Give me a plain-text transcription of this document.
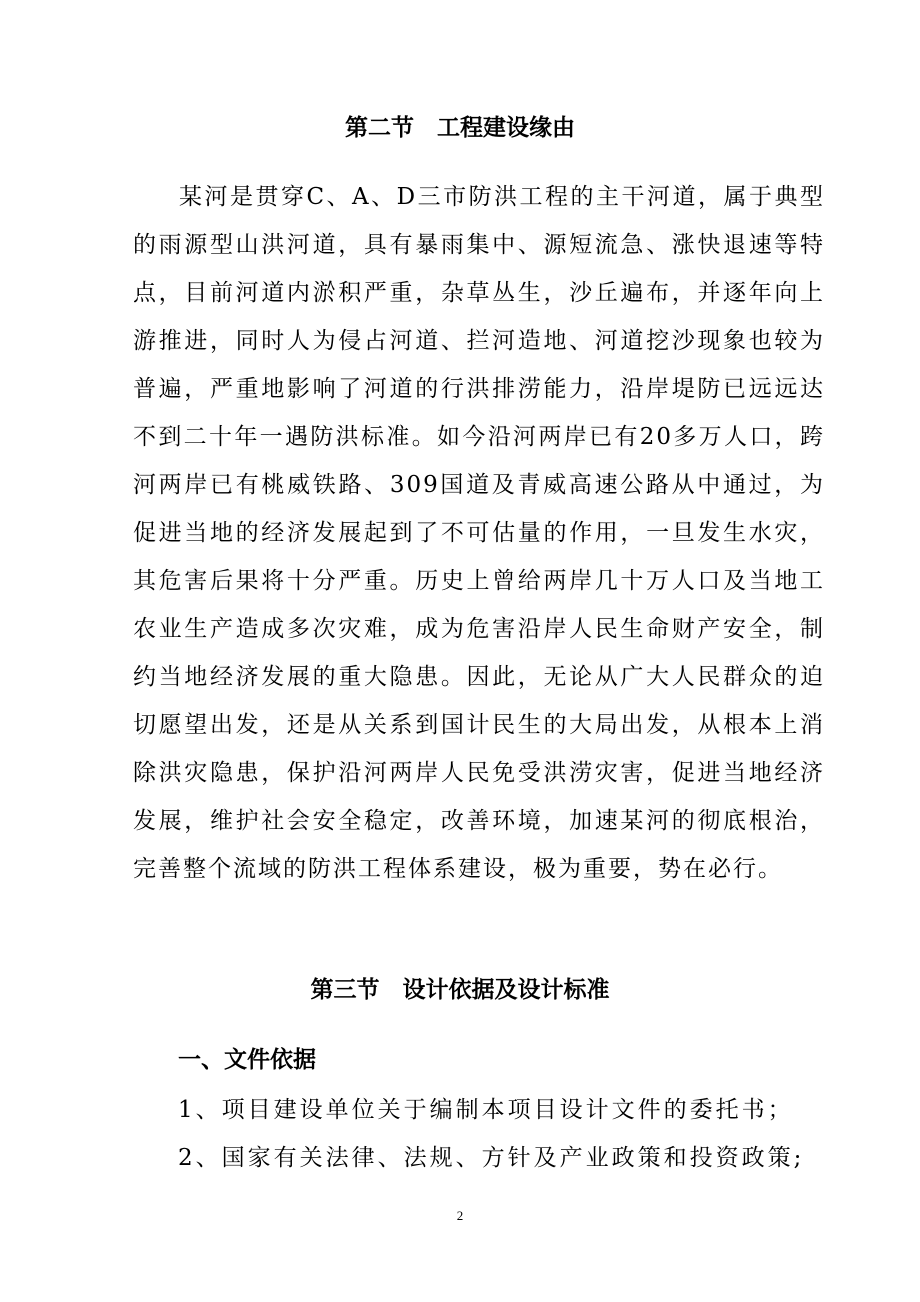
第二节　工程建设缘由

某河是贯穿C、A、D三市防洪工程的主干河道，属于典型的雨源型山洪河道，具有暴雨集中、源短流急、涨快退速等特点，目前河道内淤积严重，杂草丛生，沙丘遍布，并逐年向上游推进，同时人为侵占河道、拦河造地、河道挖沙现象也较为普遍，严重地影响了河道的行洪排涝能力，沿岸堤防已远远达不到二十年一遇防洪标准。如今沿河两岸已有20多万人口，跨河两岸已有桃威铁路、309国道及青威高速公路从中通过，为促进当地的经济发展起到了不可估量的作用，一旦发生水灾，其危害后果将十分严重。历史上曾给两岸几十万人口及当地工农业生产造成多次灾难，成为危害沿岸人民生命财产安全，制约当地经济发展的重大隐患。因此，无论从广大人民群众的迫切愿望出发，还是从关系到国计民生的大局出发，从根本上消除洪灾隐患，保护沿河两岸人民免受洪涝灾害，促进当地经济发展，维护社会安全稳定，改善环境，加速某河的彻底根治，完善整个流域的防洪工程体系建设，极为重要，势在必行。

第三节　设计依据及设计标准
一、文件依据
1、项目建设单位关于编制本项目设计文件的委托书；
2、国家有关法律、法规、方针及产业政策和投资政策;
2
